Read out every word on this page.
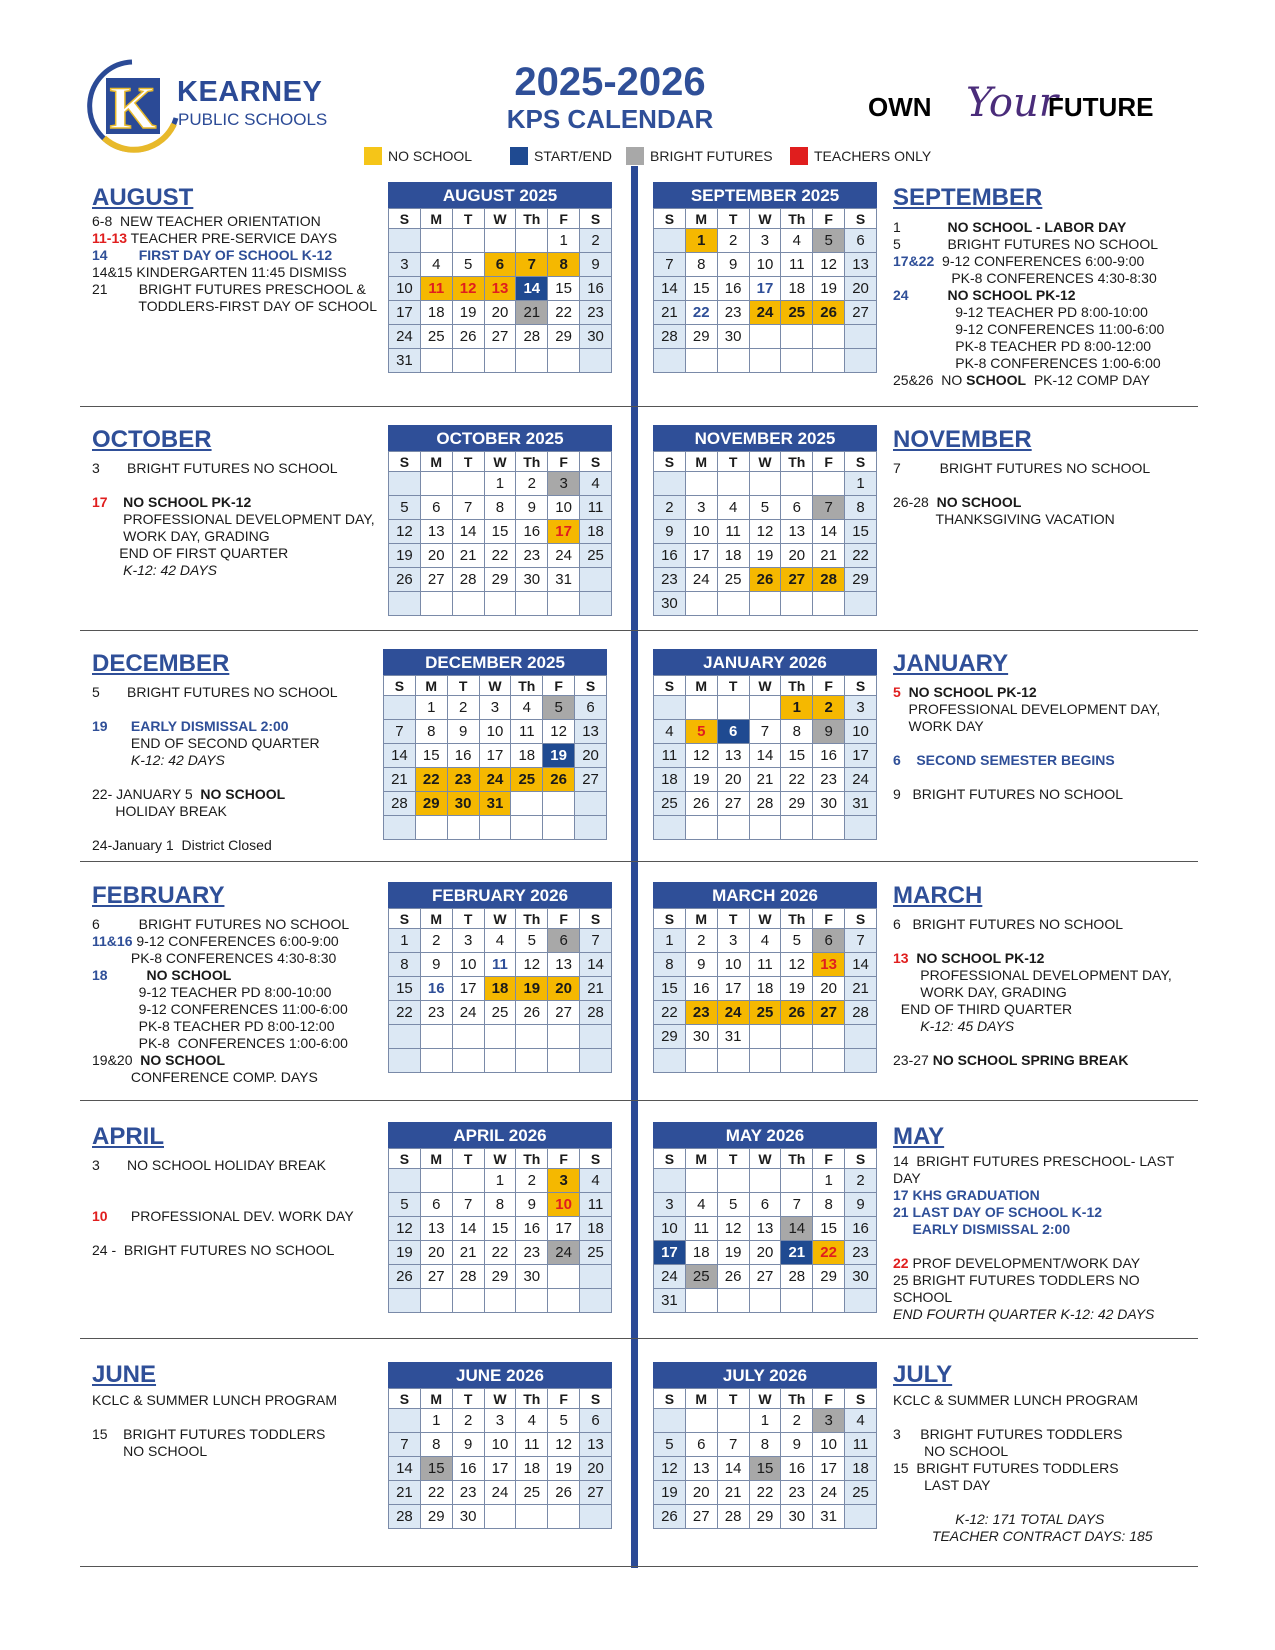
K KEARNEY
PUBLIC SCHOOLS
2025-2026
KPS CALENDAR	OWN Your
FUTURE
NO SCHOOL	START/END	BRIGHT FUTURES	TEACHERS ONLY
AUGUST	SEPTEMBER
OCTOBER	NOVEMBER
DECEMBER	JANUARY
FEBRUARY	MARCH
APRIL	MAY
JUNE	JULY
6-8  NEW TEACHER ORIENTATION
11-13 TEACHER PRE-SERVICE DAYS
14        FIRST DAY OF SCHOOL K-12
14&15 KINDERGARTEN 11:45 DISMISS
21        BRIGHT FUTURES PRESCHOOL &
TODDLERS-FIRST DAY OF SCHOOL
1            NO SCHOOL - LABOR DAY
5            BRIGHT FUTURES NO SCHOOL
17&22  9-12 CONFERENCES 6:00-9:00
PK-8 CONFERENCES 4:30-8:30
24          NO SCHOOL PK-12
9-12 TEACHER PD 8:00-10:00
9-12 CONFERENCES 11:00-6:00
PK-8 TEACHER PD 8:00-12:00
PK-8 CONFERENCES 1:00-6:00
25&26  NO SCHOOL  PK-12 COMP DAY
3       BRIGHT FUTURES NO SCHOOL

17    NO SCHOOL PK-12
PROFESSIONAL DEVELOPMENT DAY,
WORK DAY, GRADING
END OF FIRST QUARTER
K-12: 42 DAYS
7          BRIGHT FUTURES NO SCHOOL

26-28  NO SCHOOL
THANKSGIVING VACATION
5       BRIGHT FUTURES NO SCHOOL

19      EARLY DISMISSAL 2:00
END OF SECOND QUARTER
K-12: 42 DAYS

22- JANUARY 5  NO SCHOOL
HOLIDAY BREAK

24-January 1  District Closed
5  NO SCHOOL PK-12
PROFESSIONAL DEVELOPMENT DAY,
WORK DAY

6    SECOND SEMESTER BEGINS

9   BRIGHT FUTURES NO SCHOOL
6          BRIGHT FUTURES NO SCHOOL
11&16 9-12 CONFERENCES 6:00-9:00
PK-8 CONFERENCES 4:30-8:30
18          NO SCHOOL
9-12 TEACHER PD 8:00-10:00
9-12 CONFERENCES 11:00-6:00
PK-8 TEACHER PD 8:00-12:00
PK-8  CONFERENCES 1:00-6:00
19&20  NO SCHOOL
CONFERENCE COMP. DAYS
6   BRIGHT FUTURES NO SCHOOL

13  NO SCHOOL PK-12
PROFESSIONAL DEVELOPMENT DAY,
WORK DAY, GRADING
END OF THIRD QUARTER
K-12: 45 DAYS

23-27 NO SCHOOL SPRING BREAK
3       NO SCHOOL HOLIDAY BREAK

10      PROFESSIONAL DEV. WORK DAY

24 -  BRIGHT FUTURES NO SCHOOL
14  BRIGHT FUTURES PRESCHOOL- LAST
DAY
17 KHS GRADUATION
21 LAST DAY OF SCHOOL K-12
EARLY DISMISSAL 2:00

22 PROF DEVELOPMENT/WORK DAY
25 BRIGHT FUTURES TODDLERS NO
SCHOOL
END FOURTH QUARTER K-12: 42 DAYS
KCLC & SUMMER LUNCH PROGRAM

15    BRIGHT FUTURES TODDLERS
NO SCHOOL
KCLC & SUMMER LUNCH PROGRAM

3     BRIGHT FUTURES TODDLERS
NO SCHOOL
15  BRIGHT FUTURES TODDLERS
LAST DAY

K-12: 171 TOTAL DAYS
TEACHER CONTRACT DAYS: 185
AUGUST 2025
S	M	T	W	Th	F	S
					1	2
3	4	5	6	7	8	9
10	11	12	13	14	15	16
17	18	19	20	21	22	23
24	25	26	27	28	29	30
31						
SEPTEMBER 2025
S	M	T	W	Th	F	S
	1	2	3	4	5	6
7	8	9	10	11	12	13
14	15	16	17	18	19	20
21	22	23	24	25	26	27
28	29	30				

OCTOBER 2025
S	M	T	W	Th	F	S
			1	2	3	4
5	6	7	8	9	10	11
12	13	14	15	16	17	18
19	20	21	22	23	24	25
26	27	28	29	30	31	

NOVEMBER 2025
S	M	T	W	Th	F	S
						1
2	3	4	5	6	7	8
9	10	11	12	13	14	15
16	17	18	19	20	21	22
23	24	25	26	27	28	29
30						
DECEMBER 2025
S	M	T	W	Th	F	S
	1	2	3	4	5	6
7	8	9	10	11	12	13
14	15	16	17	18	19	20
21	22	23	24	25	26	27
28	29	30	31			

JANUARY 2026
S	M	T	W	Th	F	S
				1	2	3
4	5	6	7	8	9	10
11	12	13	14	15	16	17
18	19	20	21	22	23	24
25	26	27	28	29	30	31

FEBRUARY 2026
S	M	T	W	Th	F	S
1	2	3	4	5	6	7
8	9	10	11	12	13	14
15	16	17	18	19	20	21
22	23	24	25	26	27	28

MARCH 2026
S	M	T	W	Th	F	S
1	2	3	4	5	6	7
8	9	10	11	12	13	14
15	16	17	18	19	20	21
22	23	24	25	26	27	28
29	30	31				

APRIL 2026
S	M	T	W	Th	F	S
			1	2	3	4
5	6	7	8	9	10	11
12	13	14	15	16	17	18
19	20	21	22	23	24	25
26	27	28	29	30		

MAY 2026
S	M	T	W	Th	F	S
					1	2
3	4	5	6	7	8	9
10	11	12	13	14	15	16
17	18	19	20	21	22	23
24	25	26	27	28	29	30
31						
JUNE 2026
S	M	T	W	Th	F	S
	1	2	3	4	5	6
7	8	9	10	11	12	13
14	15	16	17	18	19	20
21	22	23	24	25	26	27
28	29	30				
JULY 2026
S	M	T	W	Th	F	S
			1	2	3	4
5	6	7	8	9	10	11
12	13	14	15	16	17	18
19	20	21	22	23	24	25
26	27	28	29	30	31	
